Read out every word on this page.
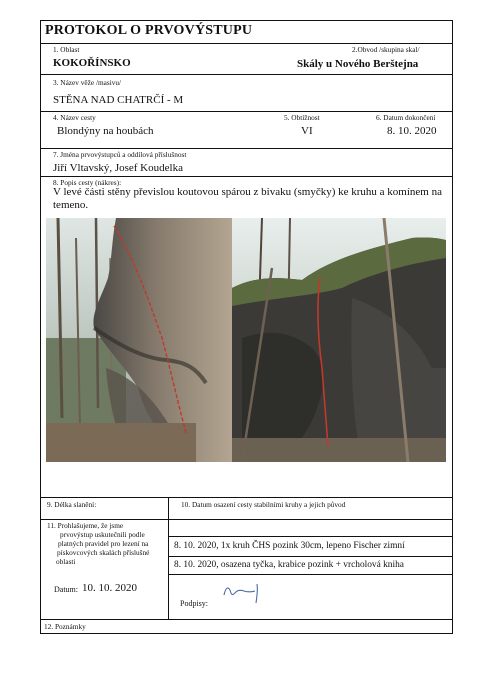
PROTOKOL O PRVOVÝSTUPU
1. Oblast
KOKOŘÍNSKO
2.Obvod /skupina skal/
Skály u Nového Berštejna
3. Název věže /masivu/
STĚNA NAD CHATRČÍ - M
4. Název cesty
Blondýny na houbách
5. Obtížnost
VI
6. Datum dokončení
8. 10. 2020
7. Jména prvovýstupců a oddílová příslušnost
Jiří Vltavský, Josef Koudelka
8. Popis cesty (nákres):
V levé části stěny převislou koutovou spárou z bivaku (smyčky) ke kruhu a komínem na temeno.
9. Délka slanění:	10. Datum osazení cesty stabilními kruhy a jejich původ
11. Prohlašujeme, že jsme
prvovýstup uskutečnili podle
platných pravidel pro lezení na
pískovcových skalách příslušné
oblasti
8. 10. 2020, 1x kruh ČHS pozink 30cm, lepeno Fischer zimní
8. 10. 2020, osazena tyčka, krabice pozink + vrcholová kniha
Datum: 10. 10. 2020
Podpisy:
12. Poznámky
